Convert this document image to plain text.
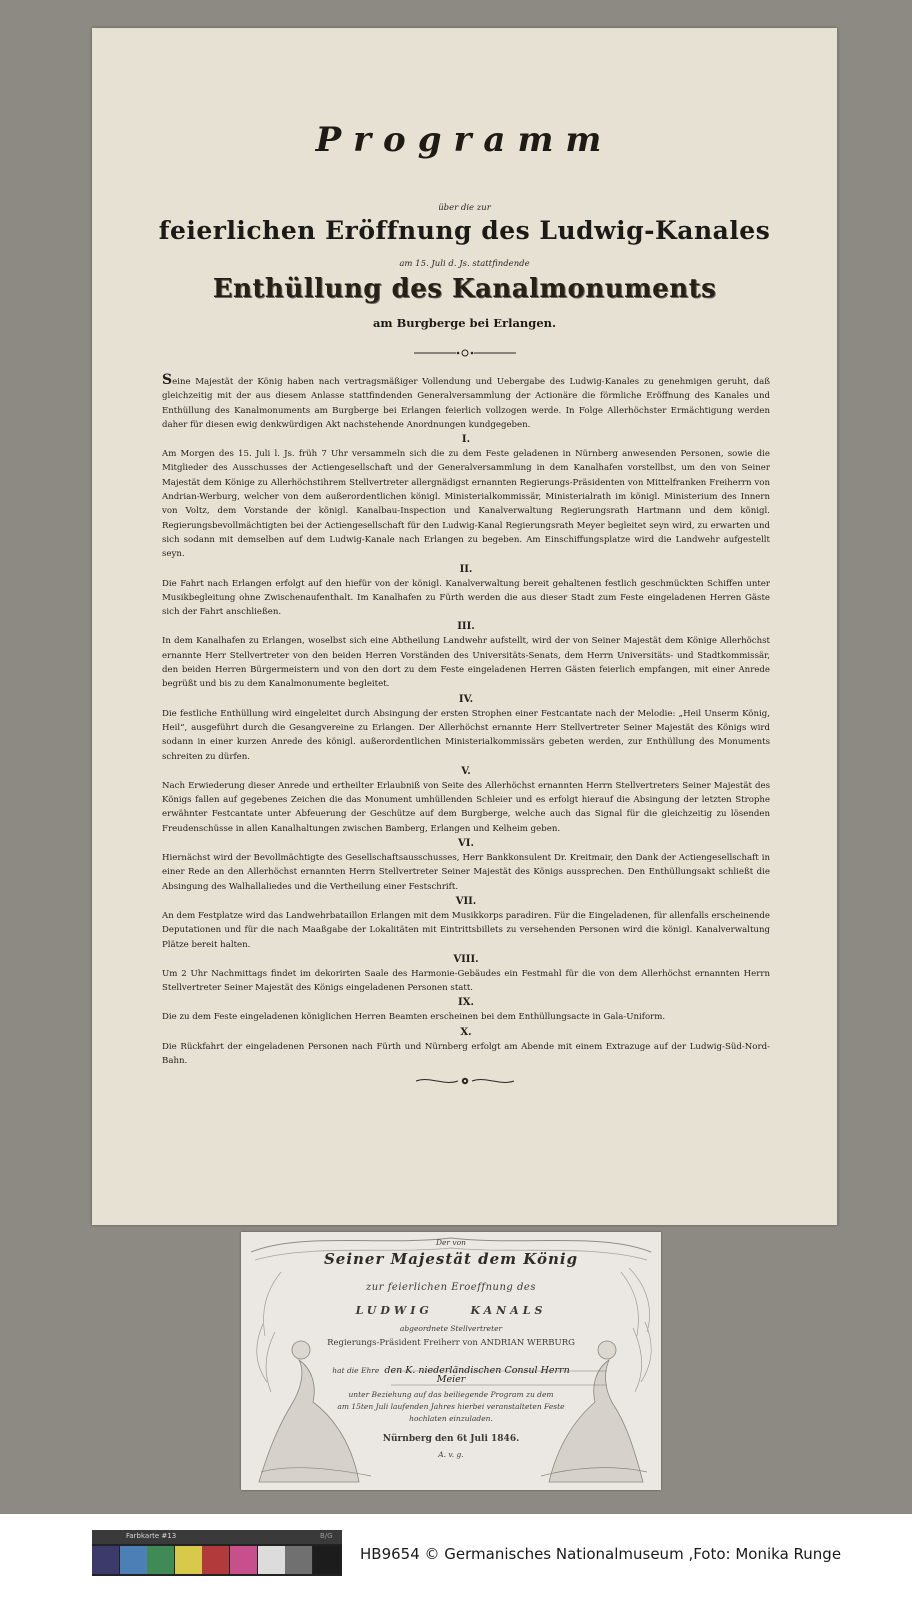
Programm
über die zur
feierlichen Eröffnung des Ludwig-Kanales
am 15. Juli d. Js. stattfindende
Enthüllung des Kanalmonuments
am Burgberge bei Erlangen.

Seine Majestät der König haben nach vertragsmäßiger Vollendung und Uebergabe des Ludwig-Kanales zu genehmigen geruht, daß gleichzeitig mit der aus diesem Anlasse stattfindenden Generalversammlung der Actionäre die förmliche Eröffnung des Kanales und Enthüllung des Kanalmonuments am Burgberge bei Erlangen feierlich vollzogen werde. In Folge Allerhöchster Ermächtigung werden daher für diesen ewig denkwürdigen Akt nachstehende Anordnungen kundgegeben.

I.

Am Morgen des 15. Juli l. Js. früh 7 Uhr versammeln sich die zu dem Feste geladenen in Nürnberg anwesenden Personen, sowie die Mitglieder des Ausschusses der Actiengesellschaft und der Generalversammlung in dem Kanalhafen vorstellbst, um den von Seiner Majestät dem Könige zu Allerhöchstihrem Stellvertreter allergnädigst ernannten Regierungs-Präsidenten von Mittelfranken Freiherrn von Andrian-Werburg, welcher von dem außerordentlichen königl. Ministerialkommissär, Ministerialrath im königl. Ministerium des Innern von Voltz, dem Vorstande der königl. Kanalbau-Inspection und Kanalverwaltung Regierungsrath Hartmann und dem königl. Regierungsbevollmächtigten bei der Actiengesellschaft für den Ludwig-Kanal Regierungsrath Meyer begleitet seyn wird, zu erwarten und sich sodann mit demselben auf dem Ludwig-Kanale nach Erlangen zu begeben. Am Einschiffungsplatze wird die Landwehr aufgestellt seyn.

II.

Die Fahrt nach Erlangen erfolgt auf den hiefür von der königl. Kanalverwaltung bereit gehaltenen festlich geschmückten Schiffen unter Musikbegleitung ohne Zwischenaufenthalt. Im Kanalhafen zu Fürth werden die aus dieser Stadt zum Feste eingeladenen Herren Gäste sich der Fahrt anschließen.

III.

In dem Kanalhafen zu Erlangen, woselbst sich eine Abtheilung Landwehr aufstellt, wird der von Seiner Majestät dem Könige Allerhöchst ernannte Herr Stellvertreter von den beiden Herren Vorständen des Universitäts-Senats, dem Herrn Universitäts- und Stadtkommissär, den beiden Herren Bürgermeistern und von den dort zu dem Feste eingeladenen Herren Gästen feierlich empfangen, mit einer Anrede begrüßt und bis zu dem Kanalmonumente begleitet.

IV.

Die festliche Enthüllung wird eingeleitet durch Absingung der ersten Strophen einer Festcantate nach der Melodie: „Heil Unserm König, Heil“, ausgeführt durch die Gesangvereine zu Erlangen. Der Allerhöchst ernannte Herr Stellvertreter Seiner Majestät des Königs wird sodann in einer kurzen Anrede des königl. außerordentlichen Ministerialkommissärs gebeten werden, zur Enthüllung des Monuments schreiten zu dürfen.

V.

Nach Erwiederung dieser Anrede und ertheilter Erlaubniß von Seite des Allerhöchst ernannten Herrn Stellvertreters Seiner Majestät des Königs fallen auf gegebenes Zeichen die das Monument umhüllenden Schleier und es erfolgt hierauf die Absingung der letzten Strophe erwähnter Festcantate unter Abfeuerung der Geschütze auf dem Burgberge, welche auch das Signal für die gleichzeitig zu lösenden Freudenschüsse in allen Kanalhaltungen zwischen Bamberg, Erlangen und Kelheim geben.

VI.

Hiernächst wird der Bevollmächtigte des Gesellschaftsausschusses, Herr Bankkonsulent Dr. Kreitmair, den Dank der Actiengesellschaft in einer Rede an den Allerhöchst ernannten Herrn Stellvertreter Seiner Majestät des Königs aussprechen. Den Enthüllungsakt schließt die Absingung des Walhallaliedes und die Vertheilung einer Festschrift.

VII.

An dem Festplatze wird das Landwehrbataillon Erlangen mit dem Musikkorps paradiren. Für die Eingeladenen, für allenfalls erscheinende Deputationen und für die nach Maaßgabe der Lokalitäten mit Eintrittsbillets zu versehenden Personen wird die königl. Kanalverwaltung Plätze bereit halten.

VIII.

Um 2 Uhr Nachmittags findet im dekorirten Saale des Harmonie-Gebäudes ein Festmahl für die von dem Allerhöchst ernannten Herrn Stellvertreter Seiner Majestät des Königs eingeladenen Personen statt.

IX.

Die zu dem Feste eingeladenen königlichen Herren Beamten erscheinen bei dem Enthüllungsacte in Gala-Uniform.

X.

Die Rückfahrt der eingeladenen Personen nach Fürth und Nürnberg erfolgt am Abende mit einem Extrazuge auf der Ludwig-Süd-Nord-Bahn.

Der von
Seiner Majestät dem König
zur feierlichen Eroeffnung des
LUDWIG	KANALS
abgeordnete Stellvertreter
Regierungs-Präsident Freiherr von ANDRIAN WERBURG
hat die Ehre den K. niederländischen Consul Herrn
Meier
unter Beziehung auf das beiliegende Program zu dem
am 15ten Juli laufenden Jahres hierbei veranstalteten Feste
hochlaten einzuladen.
Nürnberg den 6t Juli 1846.
A. v. g.
Farbkarte #13	B/G
HB9654 © Germanisches Nationalmuseum ,Foto: Monika Runge
